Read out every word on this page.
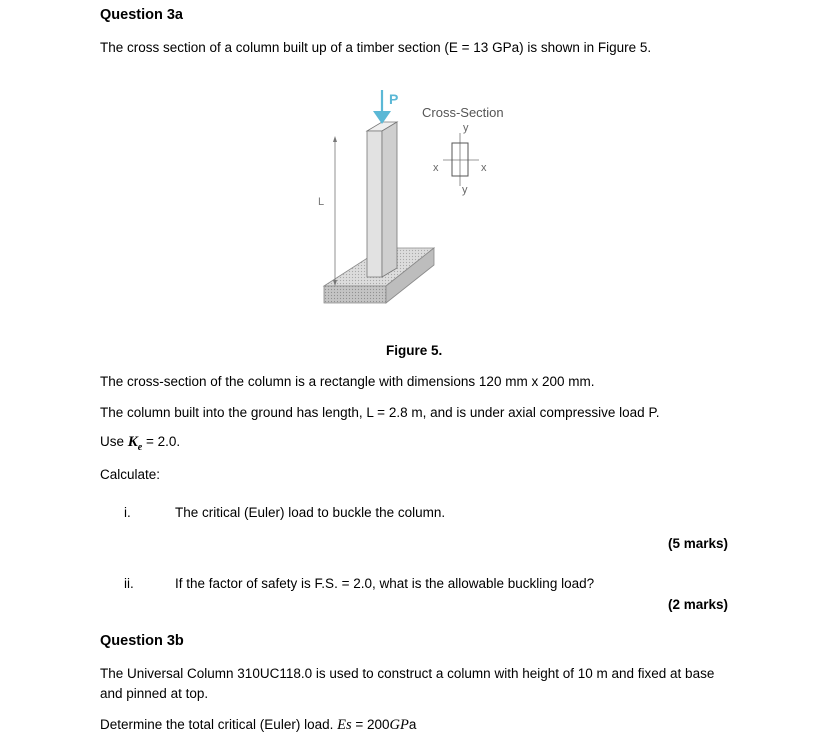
Question 3a
The cross section of a column built up of a timber section (E = 13 GPa) is shown in Figure 5.
P
Cross-Section
y
y
x	x
L
Figure 5.
The cross-section of the column is a rectangle with dimensions 120 mm x 200 mm.
The column built into the ground has length, L = 2.8 m, and is under axial compressive load P.
Use $K_e = 2.0$.
Calculate:
i.	The critical (Euler) load to buckle the column.
(5 marks)
ii.	If the factor of safety is F.S. = 2.0, what is the allowable buckling load?
(2 marks)
Question 3b
The Universal Column 310UC118.0 is used to construct a column with height of 10 m and fixed at base and pinned at top.
Determine the total critical (Euler) load. Es = 200GPa
